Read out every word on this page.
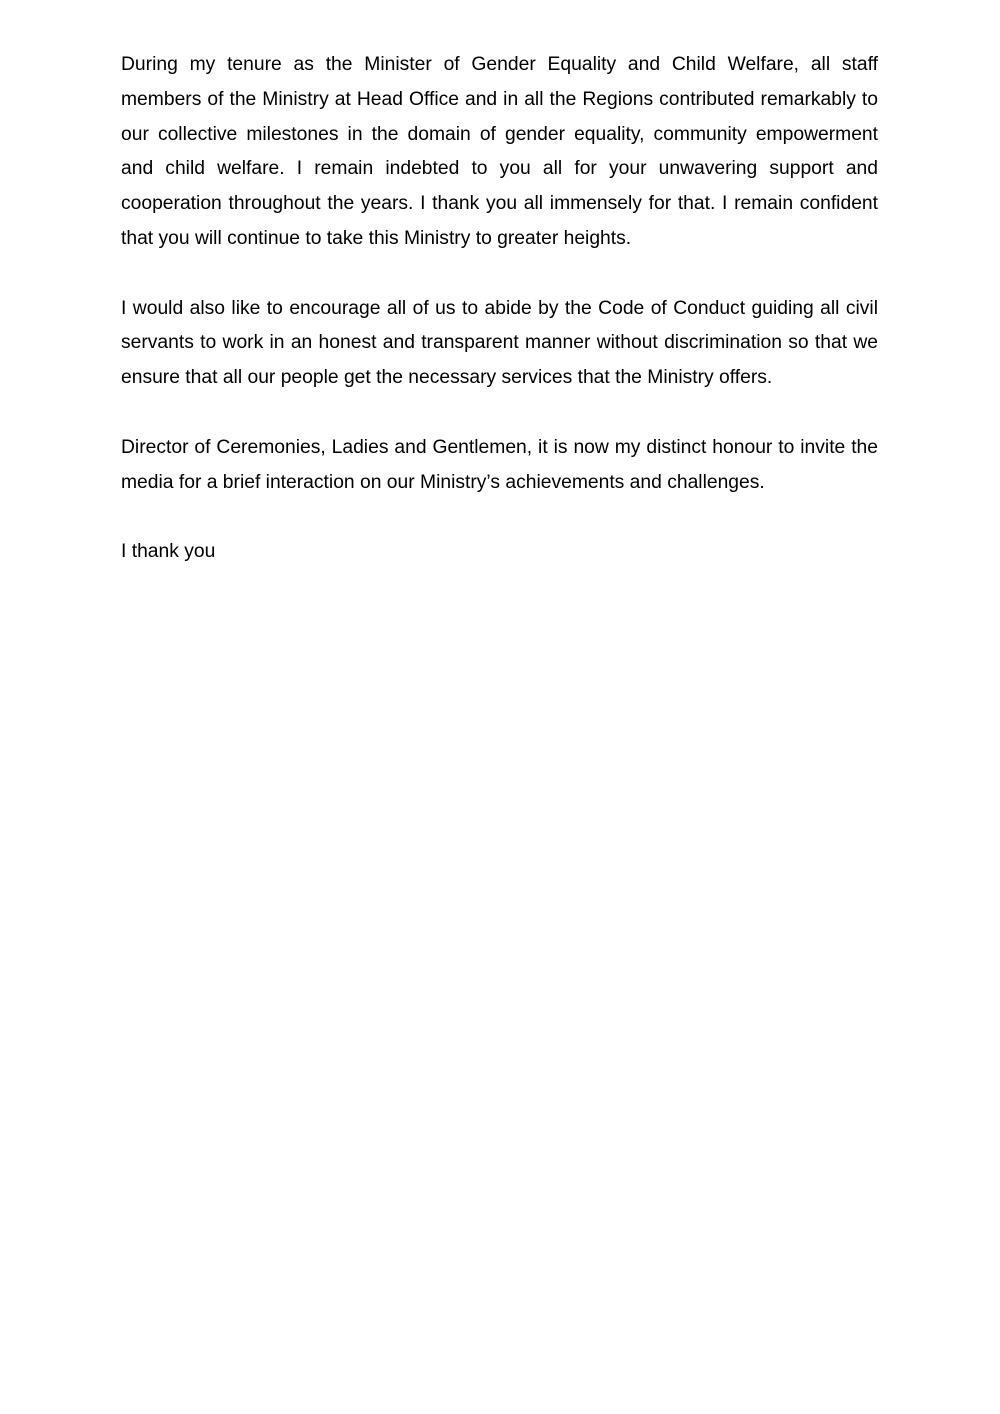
During my tenure as the Minister of Gender Equality and Child Welfare, all staff members of the Ministry at Head Office and in all the Regions contributed remarkably to our collective milestones in the domain of gender equality, community empowerment and child welfare. I remain indebted to you all for your unwavering support and cooperation throughout the years. I thank you all immensely for that. I remain confident that you will continue to take this Ministry to greater heights.

I would also like to encourage all of us to abide by the Code of Conduct guiding all civil servants to work in an honest and transparent manner without discrimination so that we ensure that all our people get the necessary services that the Ministry offers.

Director of Ceremonies, Ladies and Gentlemen, it is now my distinct honour to invite the media for a brief interaction on our Ministry’s achievements and challenges.

I thank you
